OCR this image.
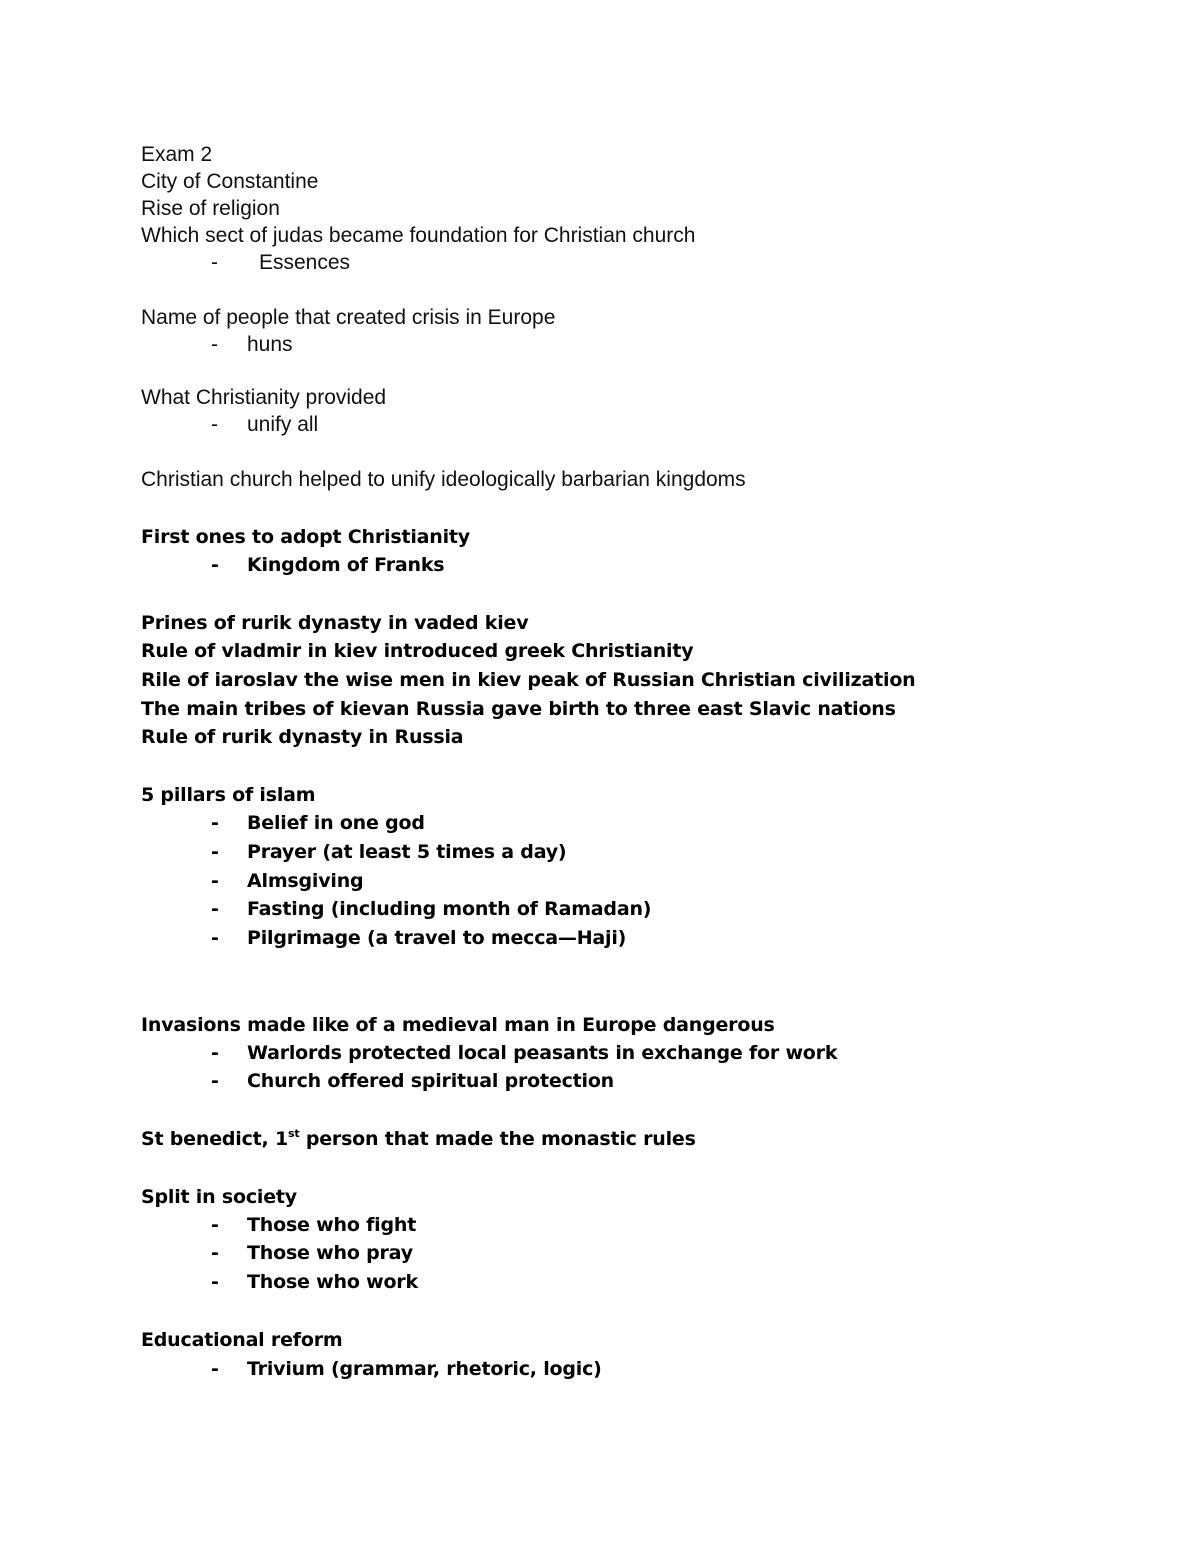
Exam 2
City of Constantine
Rise of religion
Which sect of judas became foundation for Christian church
- Essences
Name of people that created crisis in Europe
- huns
What Christianity provided
- unify all
Christian church helped to unify ideologically barbarian kingdoms
First ones to adopt Christianity
- Kingdom of Franks
Prines of rurik dynasty in vaded kiev
Rule of vladmir in kiev introduced greek Christianity
Rile of iaroslav the wise men in kiev peak of Russian Christian civilization
The main tribes of kievan Russia gave birth to three east Slavic nations
Rule of rurik dynasty in Russia
5 pillars of islam
- Belief in one god
- Prayer (at least 5 times a day)
- Almsgiving
- Fasting (including month of Ramadan)
- Pilgrimage (a travel to mecca—Haji)
Invasions made like of a medieval man in Europe dangerous
- Warlords protected local peasants in exchange for work
- Church offered spiritual protection
St benedict, 1st person that made the monastic rules
Split in society
- Those who fight
- Those who pray
- Those who work
Educational reform
- Trivium (grammar, rhetoric, logic)
